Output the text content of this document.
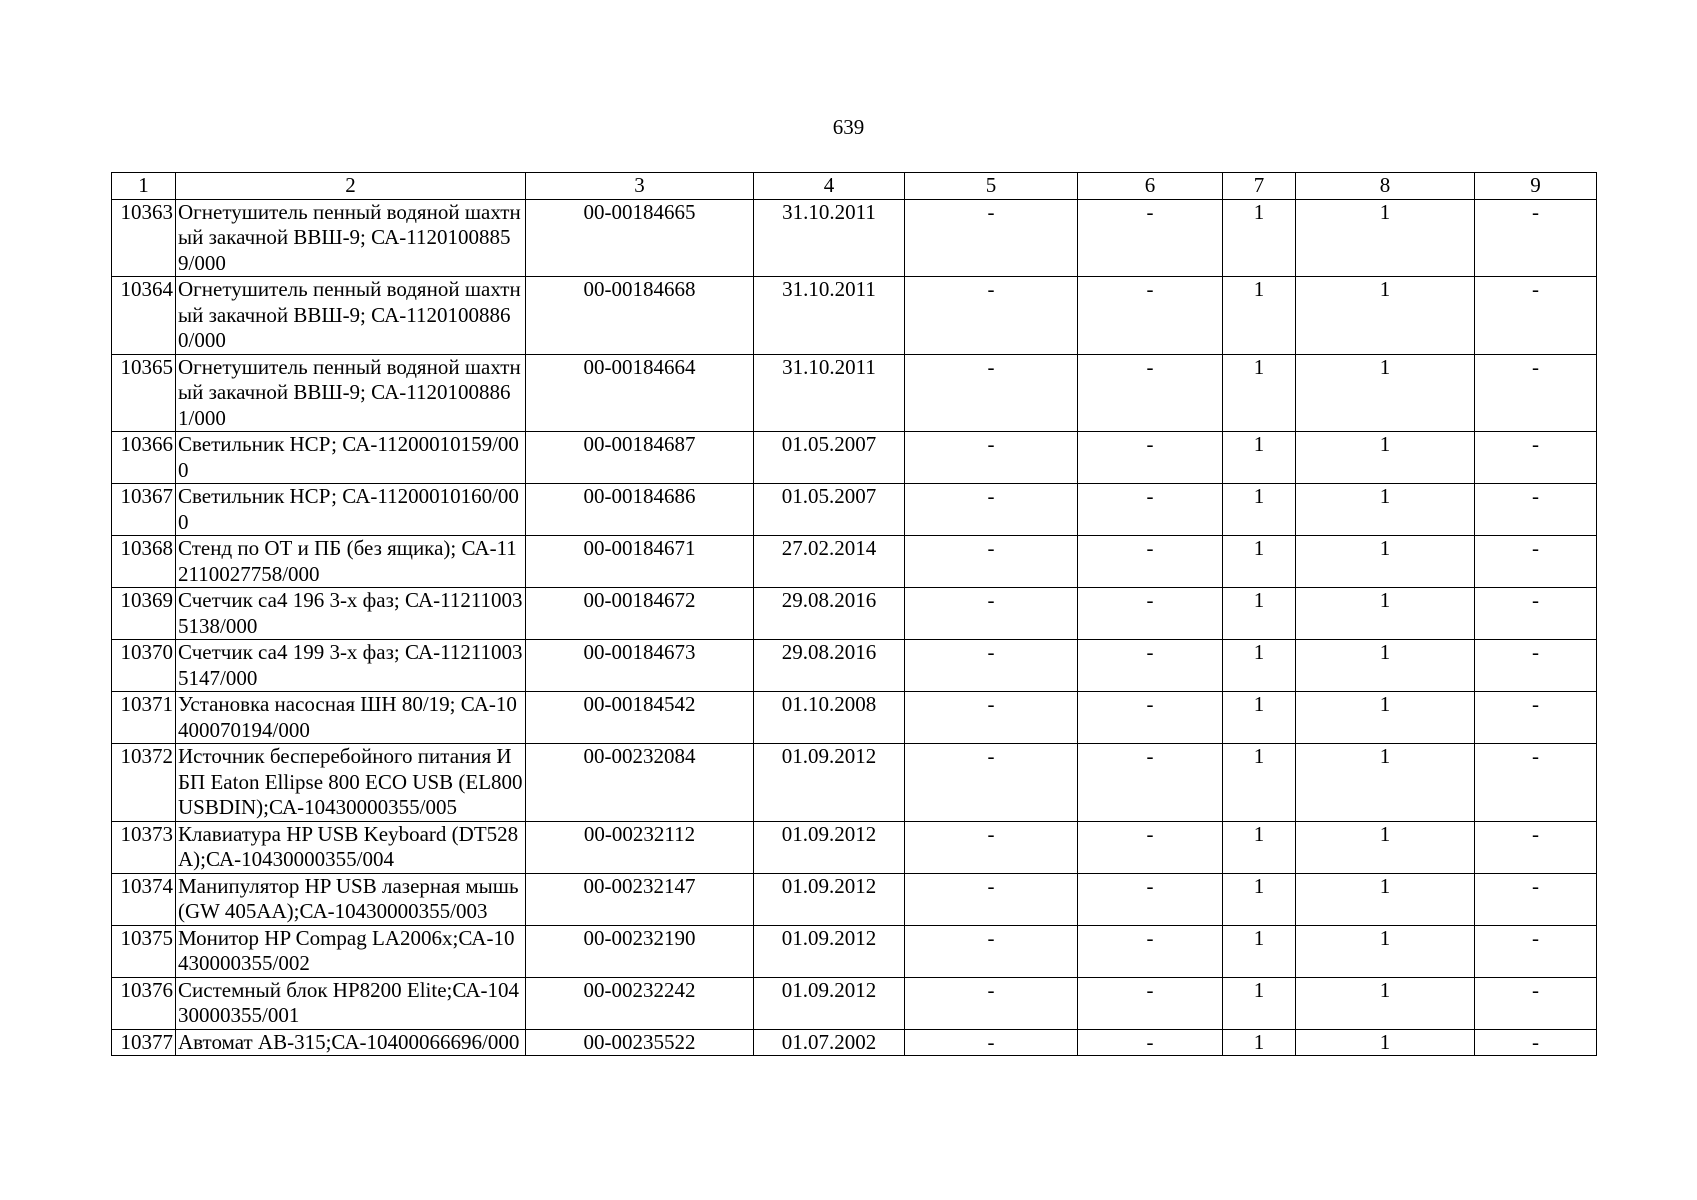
639
1	2	3	4	5	6	7	8	9
10363	Огнетушитель пенный водяной шахтный закачной ВВШ-9; СА-11201008859/000	00-00184665	31.10.2011	-	-	1	1	-
10364	Огнетушитель пенный водяной шахтный закачной ВВШ-9; СА-11201008860/000	00-00184668	31.10.2011	-	-	1	1	-
10365	Огнетушитель пенный водяной шахтный закачной ВВШ-9; СА-11201008861/000	00-00184664	31.10.2011	-	-	1	1	-
10366	Светильник НСР; СА-11200010159/000	00-00184687	01.05.2007	-	-	1	1	-
10367	Светильник НСР; СА-11200010160/000	00-00184686	01.05.2007	-	-	1	1	-
10368	Стенд по ОТ и ПБ (без ящика); СА-112110027758/000	00-00184671	27.02.2014	-	-	1	1	-
10369	Счетчик са4 196 3-х фаз; СА-112110035138/000	00-00184672	29.08.2016	-	-	1	1	-
10370	Счетчик са4 199 3-х фаз; СА-112110035147/000	00-00184673	29.08.2016	-	-	1	1	-
10371	Установка насосная ШН 80/19; СА-10400070194/000	00-00184542	01.10.2008	-	-	1	1	-
10372	Источник бесперебойного питания ИБП Eaton Ellipse 800 ECO USB (EL800USBDIN);СА-10430000355/005	00-00232084	01.09.2012	-	-	1	1	-
10373	Клавиатура HP USB Keyboard (DT528A);СА-10430000355/004	00-00232112	01.09.2012	-	-	1	1	-
10374	Манипулятор HP USB лазерная мышь (GW 405AA);СА-10430000355/003	00-00232147	01.09.2012	-	-	1	1	-
10375	Монитор HP Compag LA2006x;СА-10430000355/002	00-00232190	01.09.2012	-	-	1	1	-
10376	Системный блок HP8200 Elite;СА-10430000355/001	00-00232242	01.09.2012	-	-	1	1	-
10377	Автомат АВ-315;СА-10400066696/000	00-00235522	01.07.2002	-	-	1	1	-
